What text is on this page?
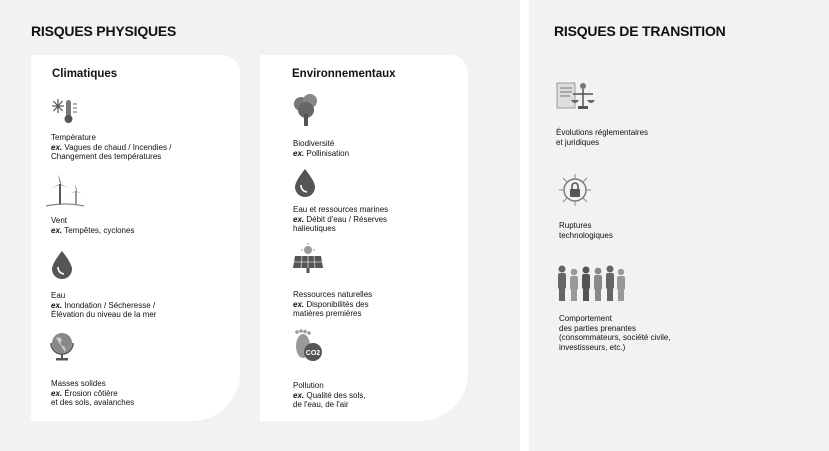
RISQUES PHYSIQUES	RISQUES DE TRANSITION
Climatiques	Environnementaux
Température
ex. Vagues de chaud / Incendies /
Changement des températures
Vent
ex. Tempêtes, cyclones
Eau
ex. Inondation / Sécheresse /
Élévation du niveau de la mer
Masses solides
ex. Érosion côtière
et des sols, avalanches
CO2
Biodiversité
ex. Pollinisation
Eau et ressources marines
ex. Débit d'eau / Réserves
halieutiques
Ressources naturelles
ex. Disponibilités des
matières premières
Pollution
ex. Qualité des sols,
de l'eau, de l'air
Évolutions réglementaires
et juridiques
Ruptures
technologiques
Comportement
des parties prenantes
(consommateurs, société civile,
investisseurs, etc.)
